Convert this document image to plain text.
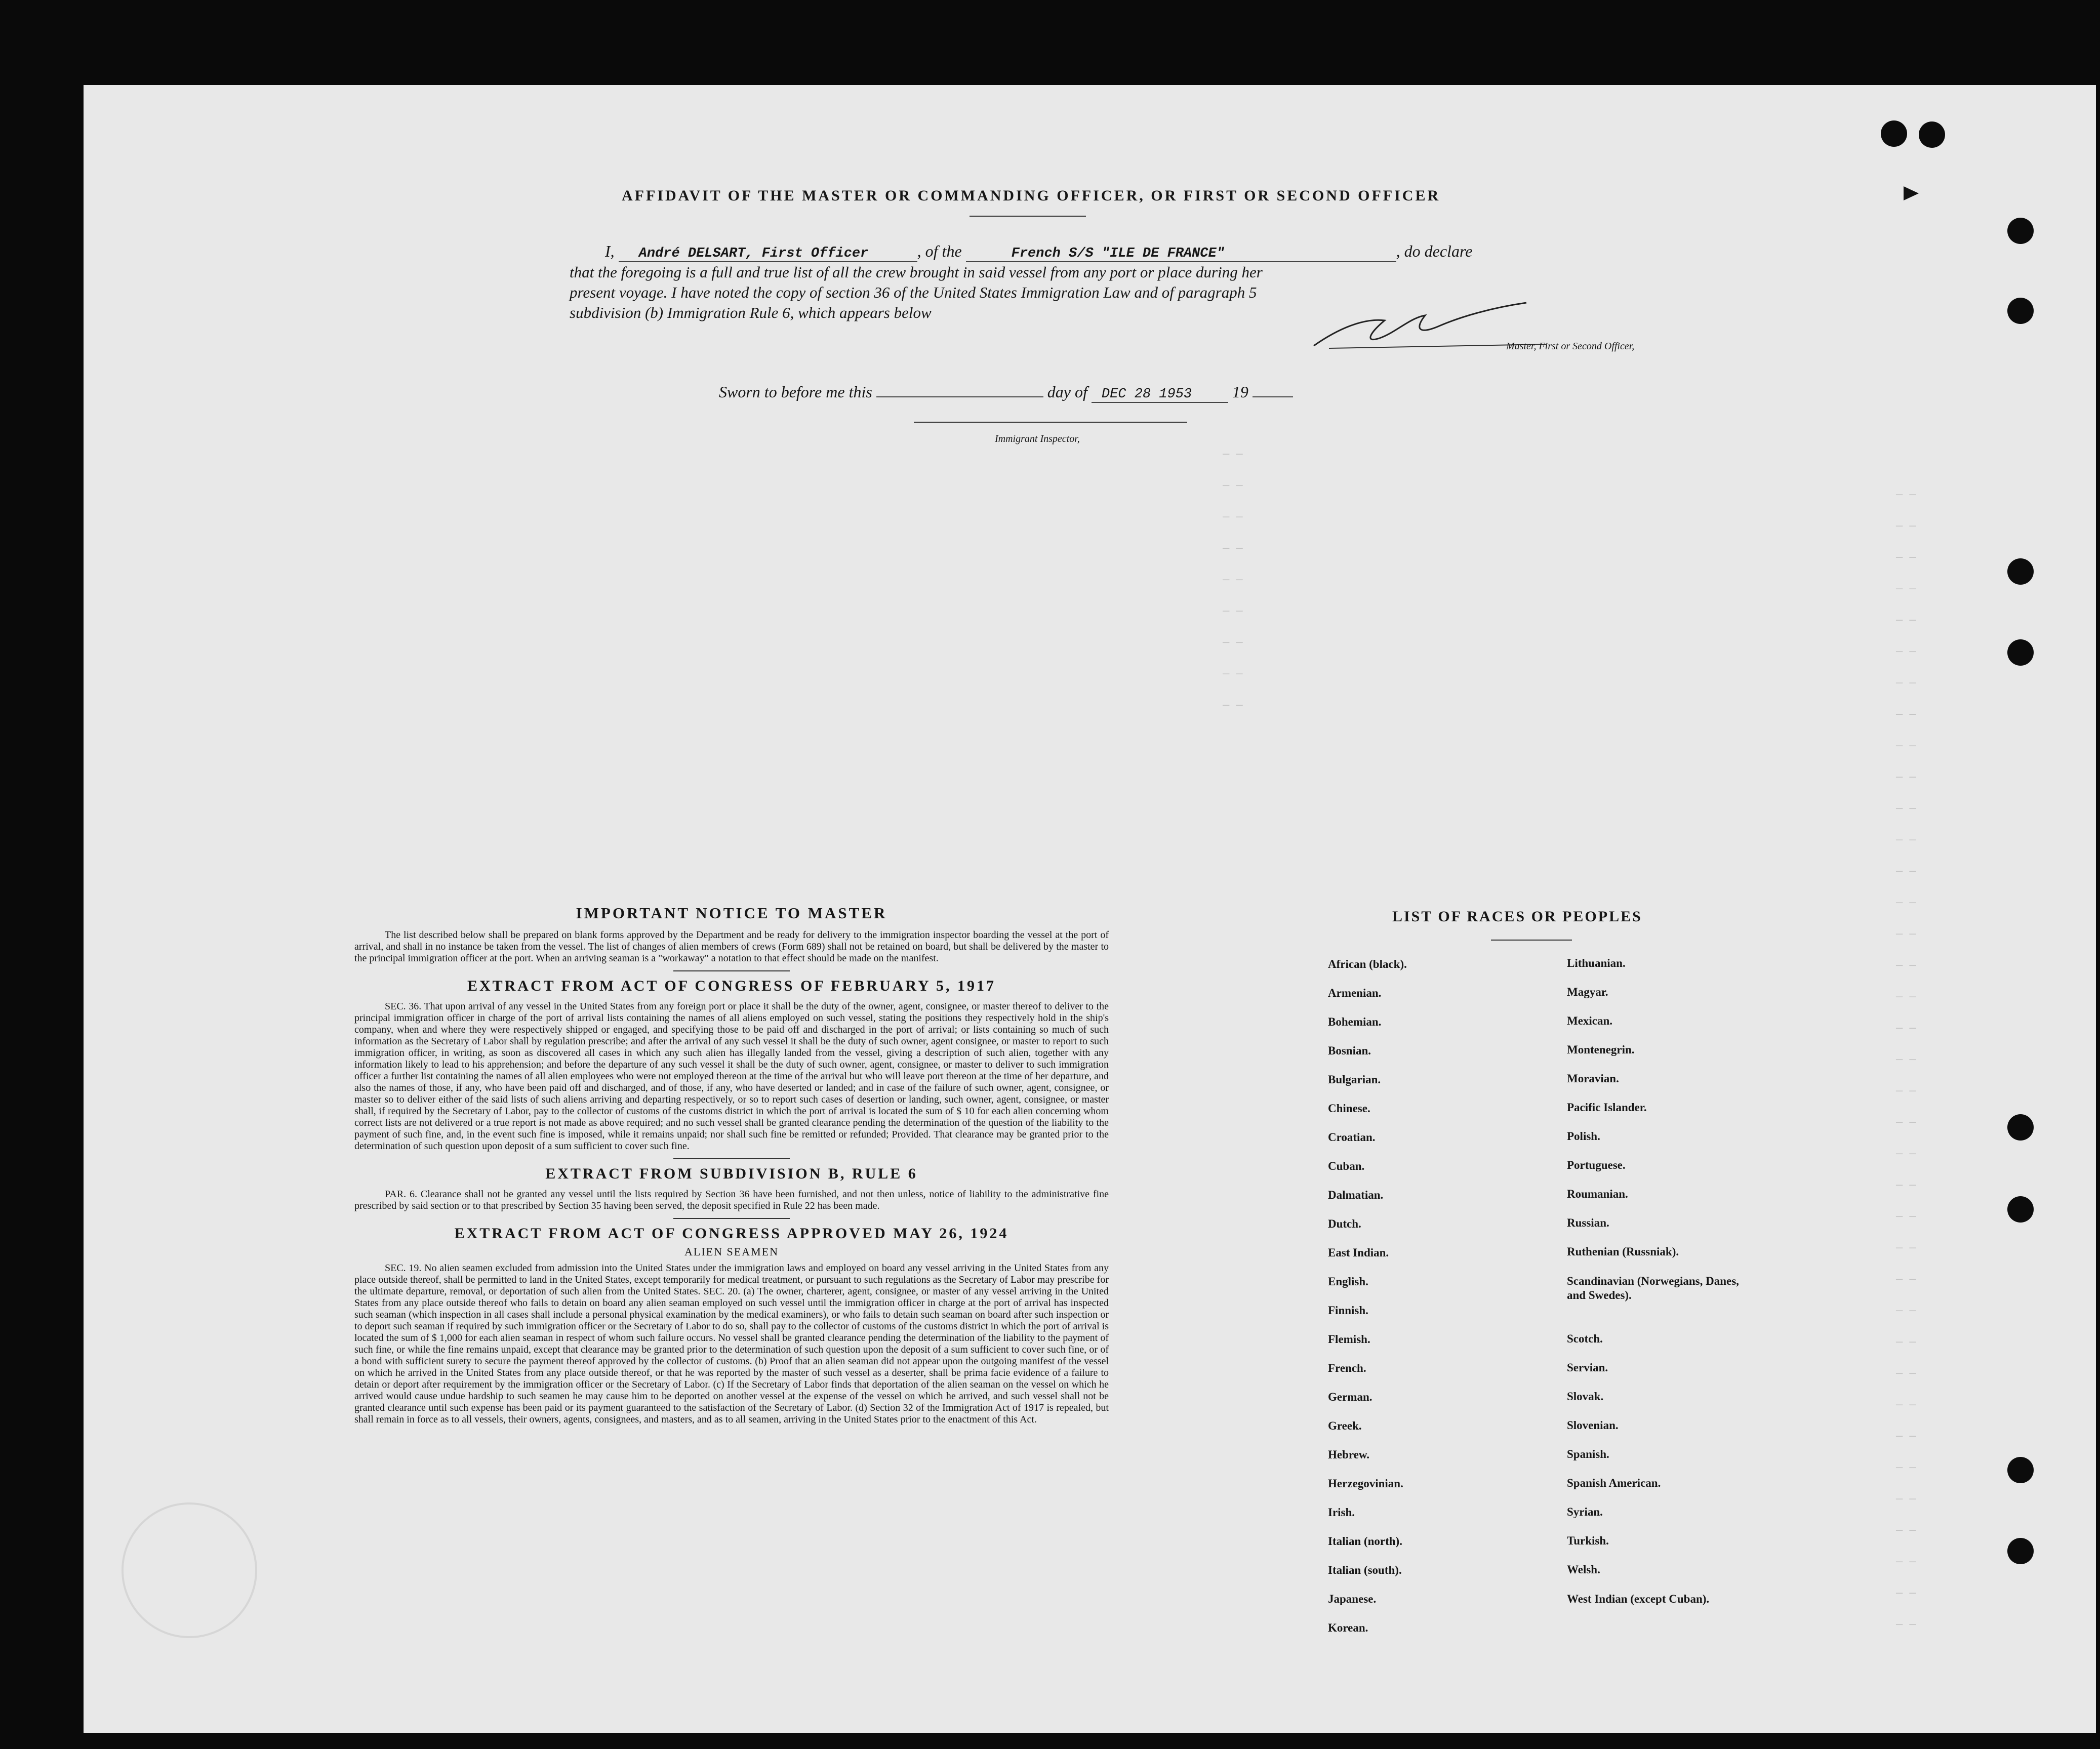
─ ─
─ ─
─ ─
─ ─
─ ─
─ ─
─ ─
─ ─
─ ─
─ ─
─ ─
─ ─
─ ─
─ ─
─ ─
─ ─
─ ─
─ ─
─ ─
─ ─
─ ─
─ ─
─ ─
─ ─
─ ─
─ ─
─ ─
─ ─
─ ─
─ ─
─ ─
─ ─
─ ─
─ ─
─ ─
─ ─
─ ─
─ ─
─ ─
─ ─
─ ─
─ ─
─ ─
─ ─
─ ─
─ ─
AFFIDAVIT OF THE MASTER OR COMMANDING OFFICER, OR FIRST OR SECOND OFFICER
I, André DELSART, First Officer	, of the	French S/S "ILE DE FRANCE"	, do declare
that the foregoing is a full and true list of all the crew brought in said vessel from any port or place during her
present voyage. I have noted the copy of section 36 of the United States Immigration Law and of paragraph 5
subdivision (b) Immigration Rule 6, which appears below
Master, First or Second Officer,
Sworn to before me this	day of DEC 28 1953 19
Immigrant Inspector,
IMPORTANT NOTICE TO MASTER
The list described below shall be prepared on blank forms approved by the Department and be ready for delivery to the immigration inspector boarding the vessel at the port of arrival, and shall in no instance be taken from the vessel. The list of changes of alien members of crews (Form 689) shall not be retained on board, but shall be delivered by the master to the principal immigration officer at the port. When an arriving seaman is a "workaway" a notation to that effect should be made on the manifest.
EXTRACT FROM ACT OF CONGRESS OF FEBRUARY 5, 1917
SEC. 36. That upon arrival of any vessel in the United States from any foreign port or place it shall be the duty of the owner, agent, consignee, or master thereof to deliver to the principal immigration officer in charge of the port of arrival lists containing the names of all aliens employed on such vessel, stating the positions they respectively hold in the ship's company, when and where they were respectively shipped or engaged, and specifying those to be paid off and discharged in the port of arrival; or lists containing so much of such information as the Secretary of Labor shall by regulation prescribe; and after the arrival of any such vessel it shall be the duty of such owner, agent consignee, or master to report to such immigration officer, in writing, as soon as discovered all cases in which any such alien has illegally landed from the vessel, giving a description of such alien, together with any information likely to lead to his apprehension; and before the departure of any such vessel it shall be the duty of such owner, agent, consignee, or master to deliver to such immigration officer a further list containing the names of all alien employees who were not employed thereon at the time of the arrival but who will leave port thereon at the time of her departure, and also the names of those, if any, who have been paid off and discharged, and of those, if any, who have deserted or landed; and in case of the failure of such owner, agent, consignee, or master so to deliver either of the said lists of such aliens arriving and departing respectively, or so to report such cases of desertion or landing, such owner, agent, consignee, or master shall, if required by the Secretary of Labor, pay to the collector of customs of the customs district in which the port of arrival is located the sum of $ 10 for each alien concerning whom correct lists are not delivered or a true report is not made as above required; and no such vessel shall be granted clearance pending the determination of the question of the liability to the payment of such fine, and, in the event such fine is imposed, while it remains unpaid; nor shall such fine be remitted or refunded; Provided. That clearance may be granted prior to the determination of such question upon deposit of a sum sufficient to cover such fine.
EXTRACT FROM SUBDIVISION B, RULE 6
PAR. 6. Clearance shall not be granted any vessel until the lists required by Section 36 have been furnished, and not then unless, notice of liability to the administrative fine prescribed by said section or to that prescribed by Section 35 having been served, the deposit specified in Rule 22 has been made.
EXTRACT FROM ACT OF CONGRESS APPROVED MAY 26, 1924
ALIEN SEAMEN
SEC. 19. No alien seamen excluded from admission into the United States under the immigration laws and employed on board any vessel arriving in the United States from any place outside thereof, shall be permitted to land in the United States, except temporarily for medical treatment, or pursuant to such regulations as the Secretary of Labor may prescribe for the ultimate departure, removal, or deportation of such alien from the United States. SEC. 20. (a) The owner, charterer, agent, consignee, or master of any vessel arriving in the United States from any place outside thereof who fails to detain on board any alien seaman employed on such vessel until the immigration officer in charge at the port of arrival has inspected such seaman (which inspection in all cases shall include a personal physical examination by the medical examiners), or who fails to detain such seaman on board after such inspection or to deport such seaman if required by such immigration officer or the Secretary of Labor to do so, shall pay to the collector of customs of the customs district in which the port of arrival is located the sum of $ 1,000 for each alien seaman in respect of whom such failure occurs. No vessel shall be granted clearance pending the determination of the liability to the payment of such fine, or while the fine remains unpaid, except that clearance may be granted prior to the determination of such question upon the deposit of a sum sufficient to cover such fine, or of a bond with sufficient surety to secure the payment thereof approved by the collector of customs. (b) Proof that an alien seaman did not appear upon the outgoing manifest of the vessel on which he arrived in the United States from any place outside thereof, or that he was reported by the master of such vessel as a deserter, shall be prima facie evidence of a failure to detain or deport after requirement by the immigration officer or the Secretary of Labor. (c) If the Secretary of Labor finds that deportation of the alien seaman on the vessel on which he arrived would cause undue hardship to such seamen he may cause him to be deported on another vessel at the expense of the vessel on which he arrived, and such vessel shall not be granted clearance until such expense has been paid or its payment guaranteed to the satisfaction of the Secretary of Labor. (d) Section 32 of the Immigration Act of 1917 is repealed, but shall remain in force as to all vessels, their owners, agents, consignees, and masters, and as to all seamen, arriving in the United States prior to the enactment of this Act.
LIST OF RACES OR PEOPLES
African (black).
Armenian.
Bohemian.
Bosnian.
Bulgarian.
Chinese.
Croatian.
Cuban.
Dalmatian.
Dutch.
East Indian.
English.
Finnish.
Flemish.
French.
German.
Greek.
Hebrew.
Herzegovinian.
Irish.
Italian (north).
Italian (south).
Japanese.
Korean.
Lithuanian.
Magyar.
Mexican.
Montenegrin.
Moravian.
Pacific Islander.
Polish.
Portuguese.
Roumanian.
Russian.
Ruthenian (Russniak).
Scandinavian (Norwegians, Danes, and Swedes).
Scotch.
Servian.
Slovak.
Slovenian.
Spanish.
Spanish American.
Syrian.
Turkish.
Welsh.
West Indian (except Cuban).
